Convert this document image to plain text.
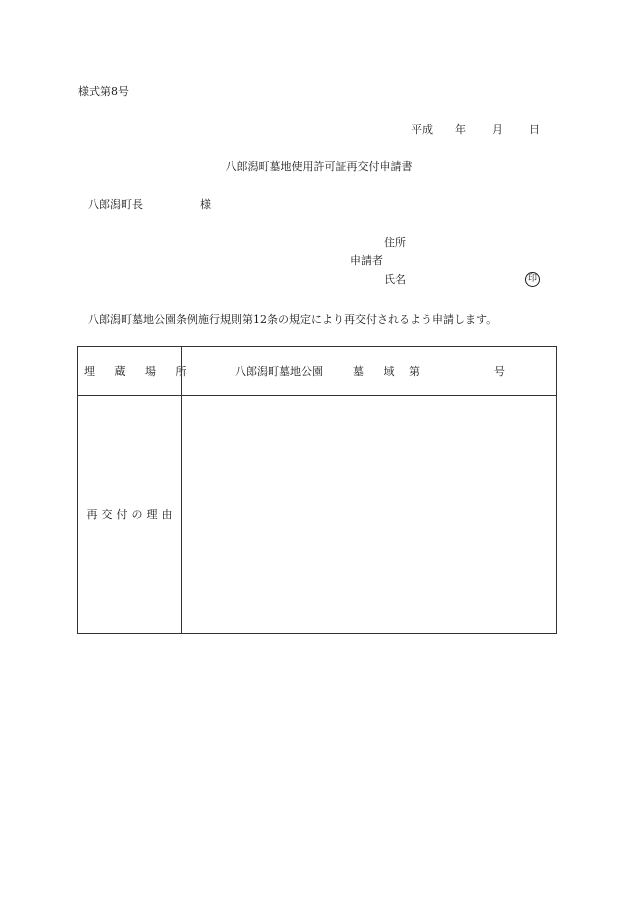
様式第8号
平成 年 月 日
八郎潟町墓地使用許可証再交付申請書
八郎潟町長	様
住所
申請者
氏名	印
八郎潟町墓地公園条例施行規則第12条の規定により再交付されるよう申請します。
埋 蔵 場 所	八郎潟町墓地公園	墓 域 第	号
再交付の理由
